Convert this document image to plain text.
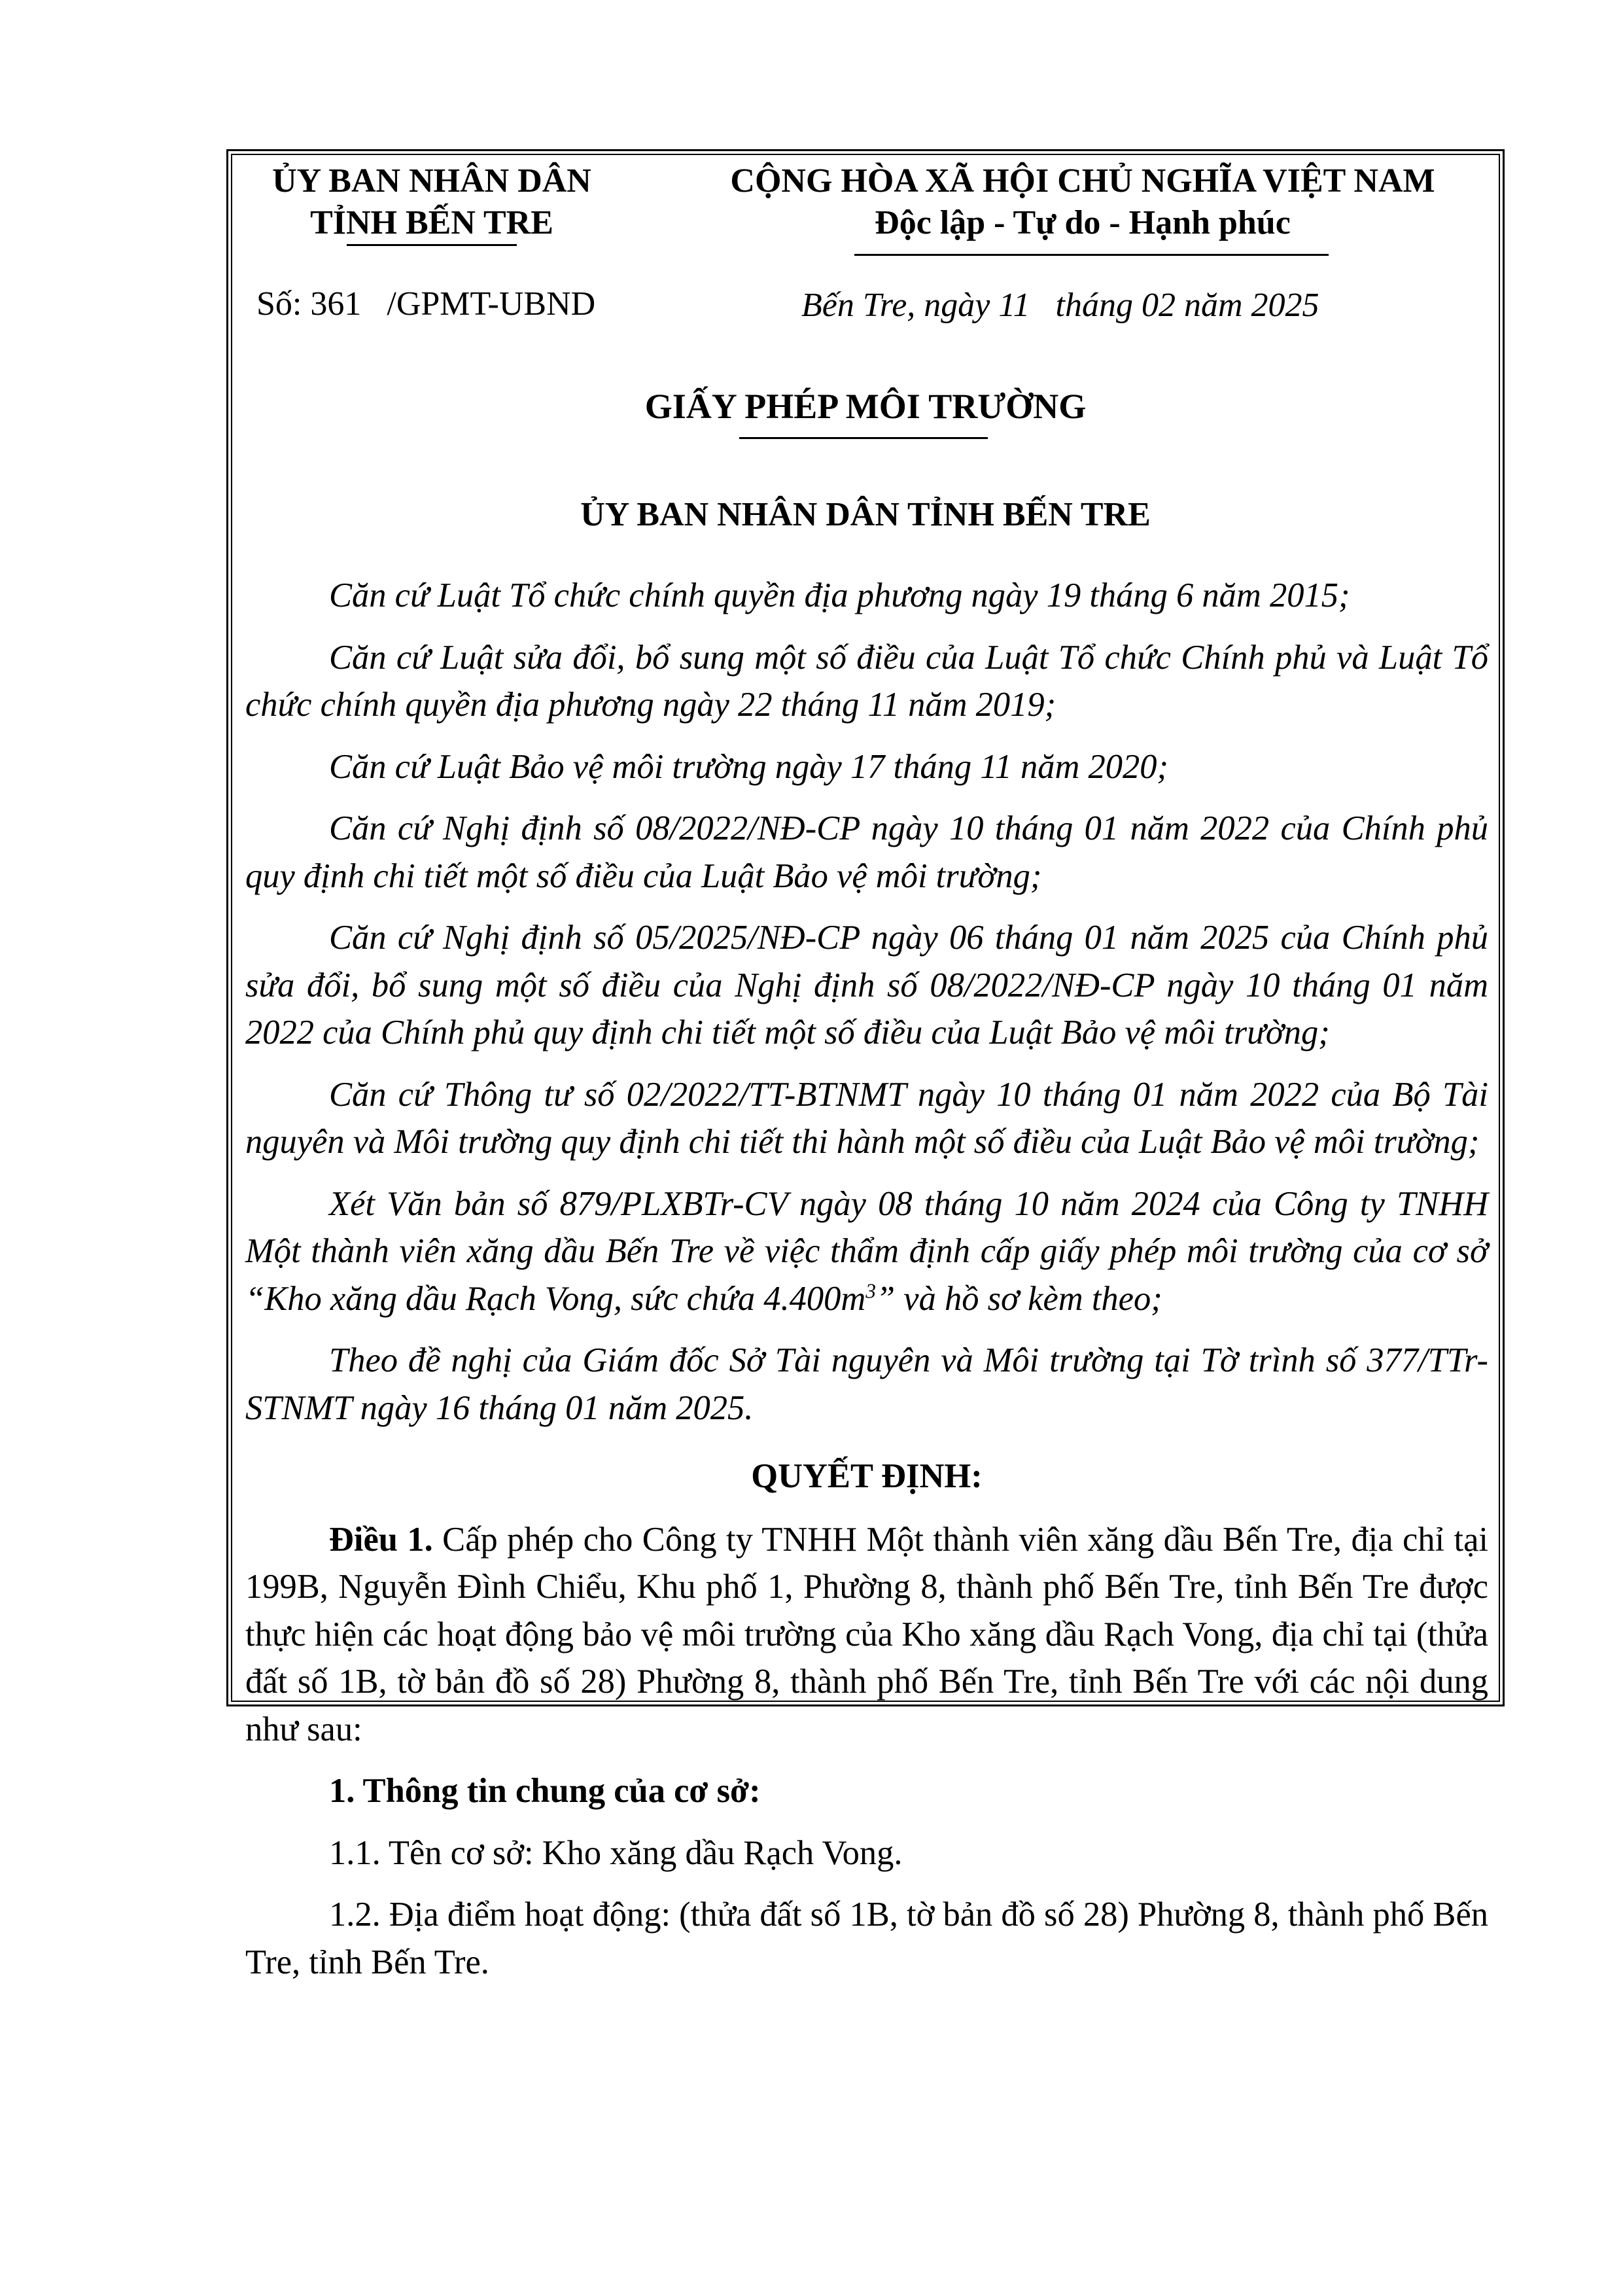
ỦY BAN NHÂN DÂN
TỈNH BẾN TRE
CỘNG HÒA XÃ HỘI CHỦ NGHĨA VIỆT NAM
Độc lập - Tự do - Hạnh phúc
Số: 361 /GPMT-UBND	Bến Tre, ngày 11   tháng 02 năm 2025
GIẤY PHÉP MÔI TRƯỜNG
ỦY BAN NHÂN DÂN TỈNH BẾN TRE

Căn cứ Luật Tổ chức chính quyền địa phương ngày 19 tháng 6 năm 2015;

Căn cứ Luật sửa đổi, bổ sung một số điều của Luật Tổ chức Chính phủ và Luật Tổ chức chính quyền địa phương ngày 22 tháng 11 năm 2019;

Căn cứ Luật Bảo vệ môi trường ngày 17 tháng 11 năm 2020;

Căn cứ Nghị định số 08/2022/NĐ-CP ngày 10 tháng 01 năm 2022 của Chính phủ quy định chi tiết một số điều của Luật Bảo vệ môi trường;

Căn cứ Nghị định số 05/2025/NĐ-CP ngày 06 tháng 01 năm 2025 của Chính phủ sửa đổi, bổ sung một số điều của Nghị định số 08/2022/NĐ-CP ngày 10 tháng 01 năm 2022 của Chính phủ quy định chi tiết một số điều của Luật Bảo vệ môi trường;

Căn cứ Thông tư số 02/2022/TT-BTNMT ngày 10 tháng 01 năm 2022 của Bộ Tài nguyên và Môi trường quy định chi tiết thi hành một số điều của Luật Bảo vệ môi trường;

Xét Văn bản số 879/PLXBTr-CV ngày 08 tháng 10 năm 2024 của Công ty TNHH Một thành viên xăng dầu Bến Tre về việc thẩm định cấp giấy phép môi trường của cơ sở “Kho xăng dầu Rạch Vong, sức chứa $4.400m^3$” và hồ sơ kèm theo;

Theo đề nghị của Giám đốc Sở Tài nguyên và Môi trường tại Tờ trình số 377/TTr-STNMT ngày 16 tháng 01 năm 2025.

QUYẾT ĐỊNH:

Điều 1. Cấp phép cho Công ty TNHH Một thành viên xăng dầu Bến Tre, địa chỉ tại 199B, Nguyễn Đình Chiểu, Khu phố 1, Phường 8, thành phố Bến Tre, tỉnh Bến Tre được thực hiện các hoạt động bảo vệ môi trường của Kho xăng dầu Rạch Vong, địa chỉ tại (thửa đất số 1B, tờ bản đồ số 28) Phường 8, thành phố Bến Tre, tỉnh Bến Tre với các nội dung như sau:

1. Thông tin chung của cơ sở:

1.1. Tên cơ sở: Kho xăng dầu Rạch Vong.

1.2. Địa điểm hoạt động: (thửa đất số 1B, tờ bản đồ số 28) Phường 8, thành phố Bến Tre, tỉnh Bến Tre.
